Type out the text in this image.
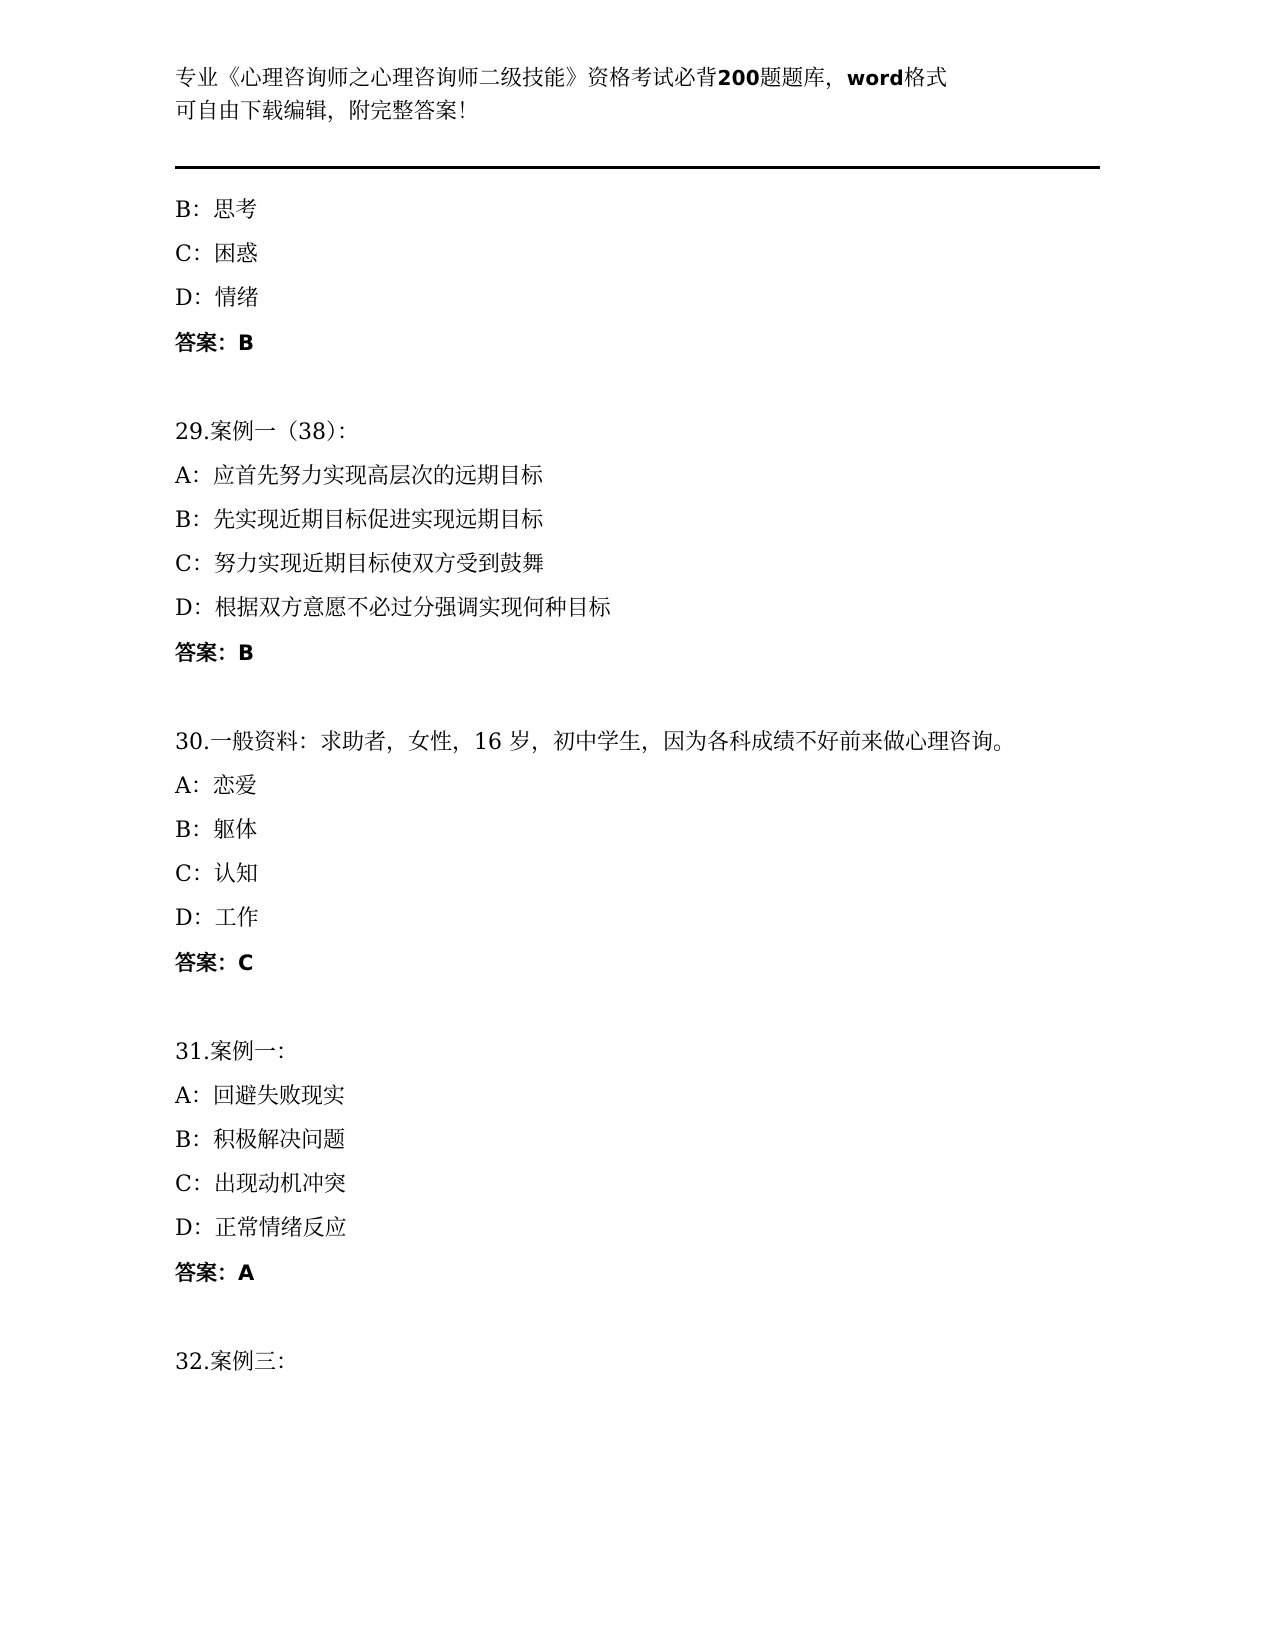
专业《心理咨询师之心理咨询师二级技能》资格考试必背200题题库，word格式
可自由下载编辑，附完整答案！
B：思考
C：困惑
D：情绪
答案：B
29.案例一（38）：
A：应首先努力实现高层次的远期目标
B：先实现近期目标促进实现远期目标
C：努力实现近期目标使双方受到鼓舞
D：根据双方意愿不必过分强调实现何种目标
答案：B
30.一般资料：求助者，女性，16 岁，初中学生，因为各科成绩不好前来做心理咨询。
A：恋爱
B：躯体
C：认知
D：工作
答案：C
31.案例一：
A：回避失败现实
B：积极解决问题
C：出现动机冲突
D：正常情绪反应
答案：A
32.案例三：
